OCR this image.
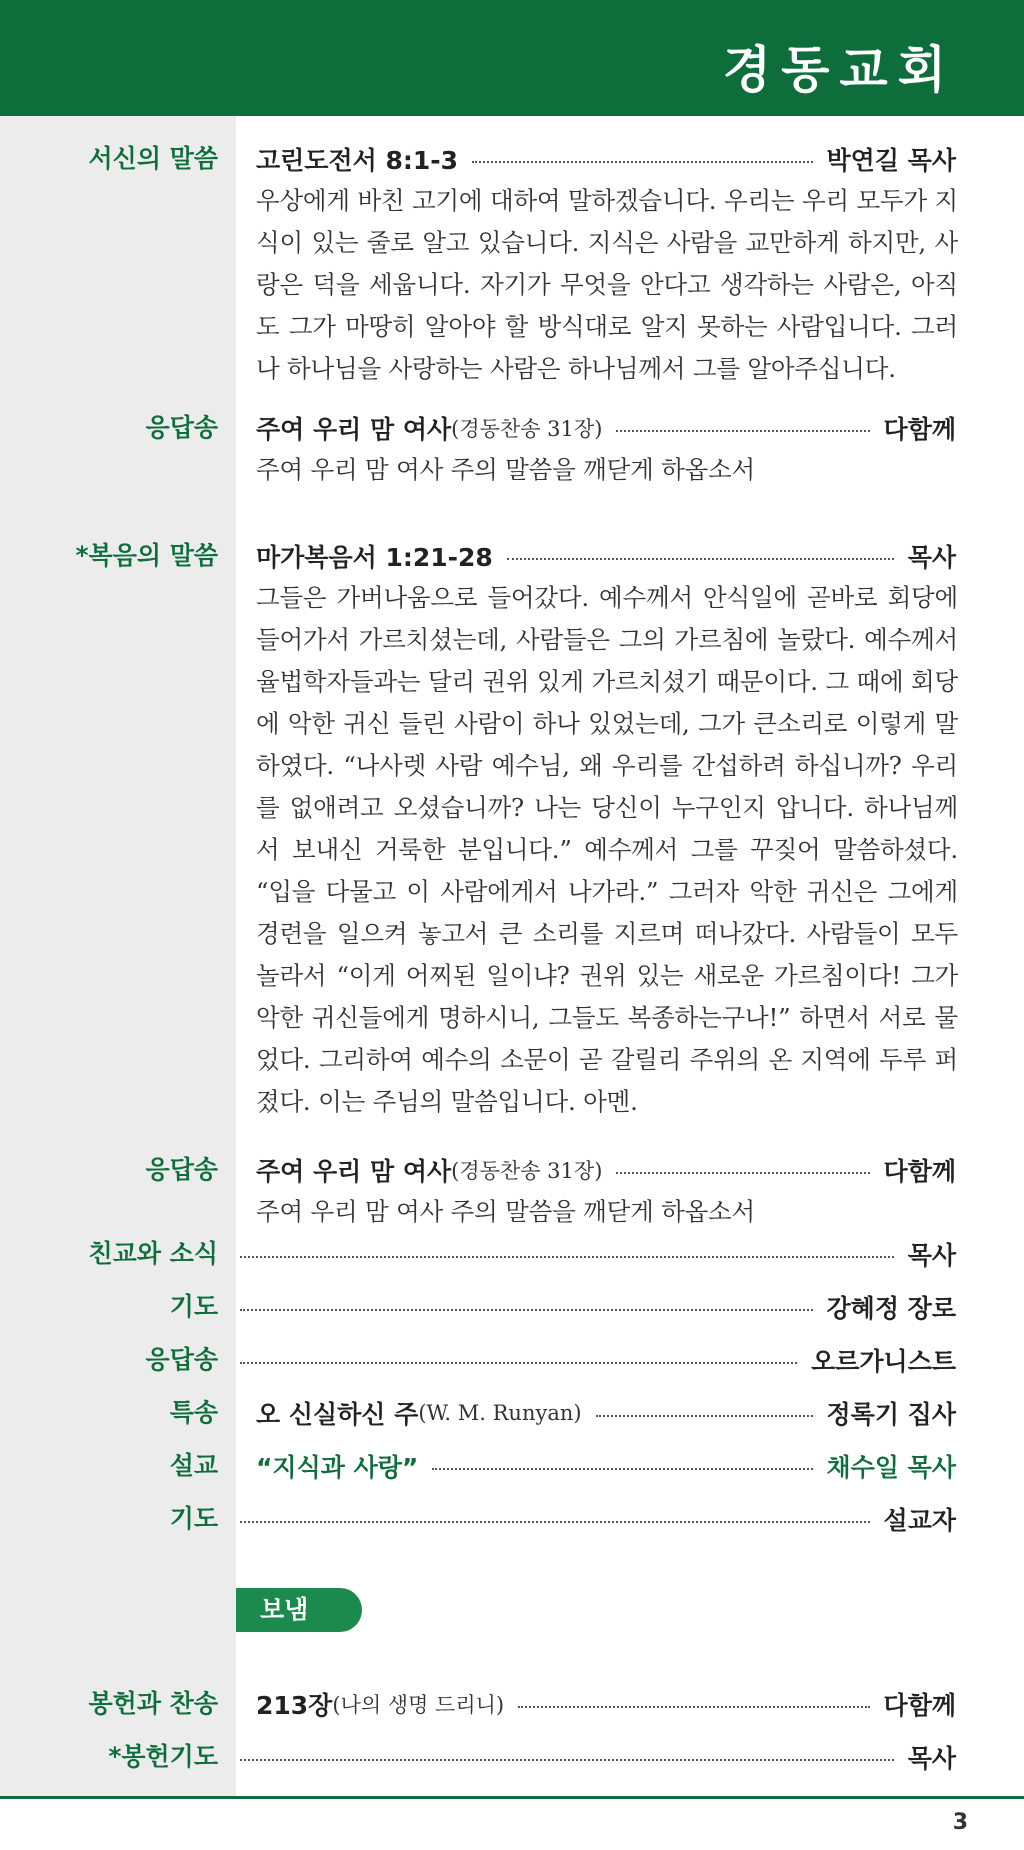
경동교회
서신의 말씀 고린도전서 8:1-3	박연길 목사
우상에게 바친 고기에 대하여 말하겠습니다. 우리는 우리 모두가 지식이 있는 줄로 알고 있습니다. 지식은 사람을 교만하게 하지만, 사랑은 덕을 세웁니다. 자기가 무엇을 안다고 생각하는 사람은, 아직도 그가 마땅히 알아야 할 방식대로 알지 못하는 사람입니다. 그러나 하나님을 사랑하는 사람은 하나님께서 그를 알아주십니다.
응답송 주여 우리 맘 여사 (경동찬송 31장)	다함께
주여 우리 맘 여사 주의 말씀을 깨닫게 하옵소서
*복음의 말씀 마가복음서 1:21-28	목사
그들은 가버나움으로 들어갔다. 예수께서 안식일에 곧바로 회당에 들어가서 가르치셨는데, 사람들은 그의 가르침에 놀랐다. 예수께서 율법학자들과는 달리 권위 있게 가르치셨기 때문이다. 그 때에 회당에 악한 귀신 들린 사람이 하나 있었는데, 그가 큰소리로 이렇게 말하였다. “나사렛 사람 예수님, 왜 우리를 간섭하려 하십니까? 우리를 없애려고 오셨습니까? 나는 당신이 누구인지 압니다. 하나님께서 보내신 거룩한 분입니다.” 예수께서 그를 꾸짖어 말씀하셨다. “입을 다물고 이 사람에게서 나가라.” 그러자 악한 귀신은 그에게 경련을 일으켜 놓고서 큰 소리를 지르며 떠나갔다. 사람들이 모두 놀라서 “이게 어찌된 일이냐? 권위 있는 새로운 가르침이다! 그가 악한 귀신들에게 명하시니, 그들도 복종하는구나!” 하면서 서로 물었다. 그리하여 예수의 소문이 곧 갈릴리 주위의 온 지역에 두루 퍼졌다. 이는 주님의 말씀입니다. 아멘.
응답송 주여 우리 맘 여사 (경동찬송 31장)	다함께
주여 우리 맘 여사 주의 말씀을 깨닫게 하옵소서
친교와 소식	목사
기도	강혜정 장로
응답송	오르가니스트
특송 오 신실하신 주 (W. M. Runyan)	정록기 집사
설교 “지식과 사랑”	채수일 목사
기도	설교자
보냄
봉헌과 찬송 213장 (나의 생명 드리니)	다함께
*봉헌기도	목사
3
